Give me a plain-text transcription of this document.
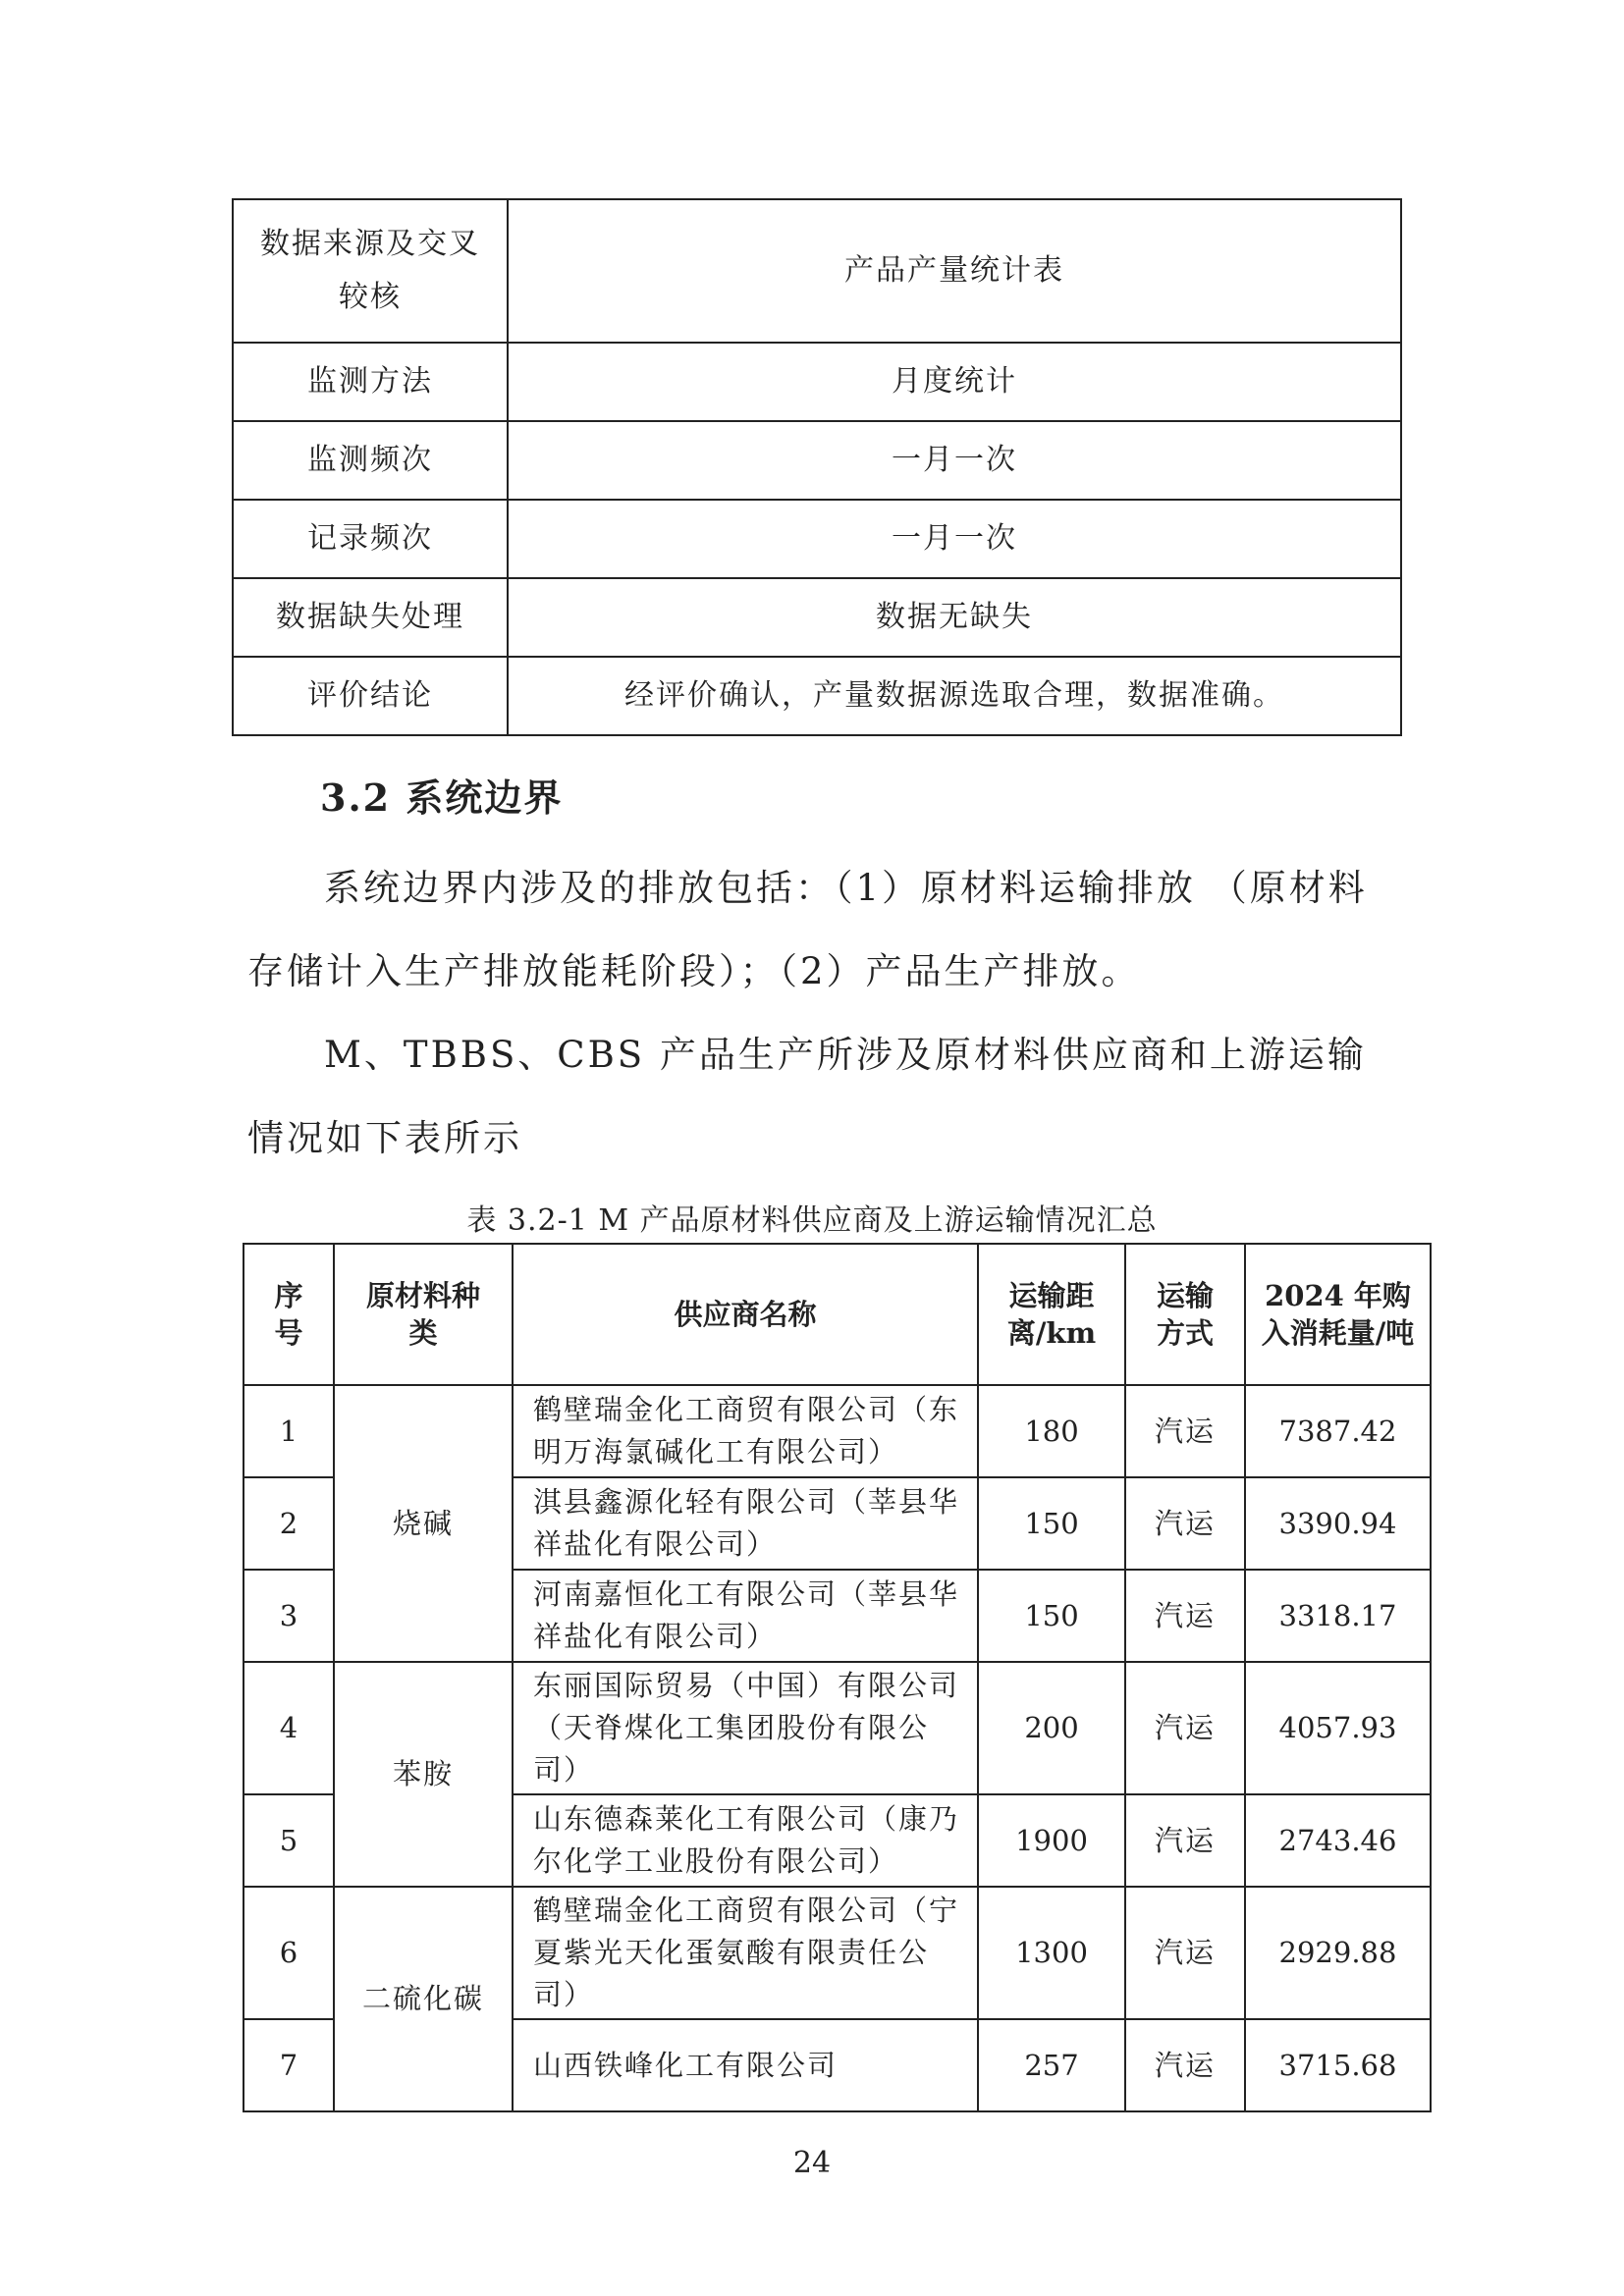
数据来源及交叉较核	产品产量统计表
监测方法	月度统计
监测频次	一月一次
记录频次	一月一次
数据缺失处理	数据无缺失
评价结论	经评价确认，产量数据源选取合理，数据准确。
3.2 系统边界

系统边界内涉及的排放包括：（1）原材料运输排放 （原材料存储计入生产排放能耗阶段）；（2）产品生产排放。

M、TBBS、CBS 产品生产所涉及原材料供应商和上游运输情况如下表所示

表 3.2-1 M 产品原材料供应商及上游运输情况汇总

序号	原材料种类	供应商名称	运输距离/km	运输方式	2024 年购入消耗量/吨
1	烧碱	鹤壁瑞金化工商贸有限公司（东明万海氯碱化工有限公司）	180	汽运	7387.42
2		淇县鑫源化轻有限公司（莘县华祥盐化有限公司）	150	汽运	3390.94
3		河南嘉恒化工有限公司（莘县华祥盐化有限公司）	150	汽运	3318.17
4	苯胺	东丽国际贸易（中国）有限公司（天脊煤化工集团股份有限公司）	200	汽运	4057.93
5		山东德森莱化工有限公司（康乃尔化学工业股份有限公司）	1900	汽运	2743.46
6	二硫化碳	鹤壁瑞金化工商贸有限公司（宁夏紫光天化蛋氨酸有限责任公司）	1300	汽运	2929.88
7		山西铁峰化工有限公司	257	汽运	3715.68

24
